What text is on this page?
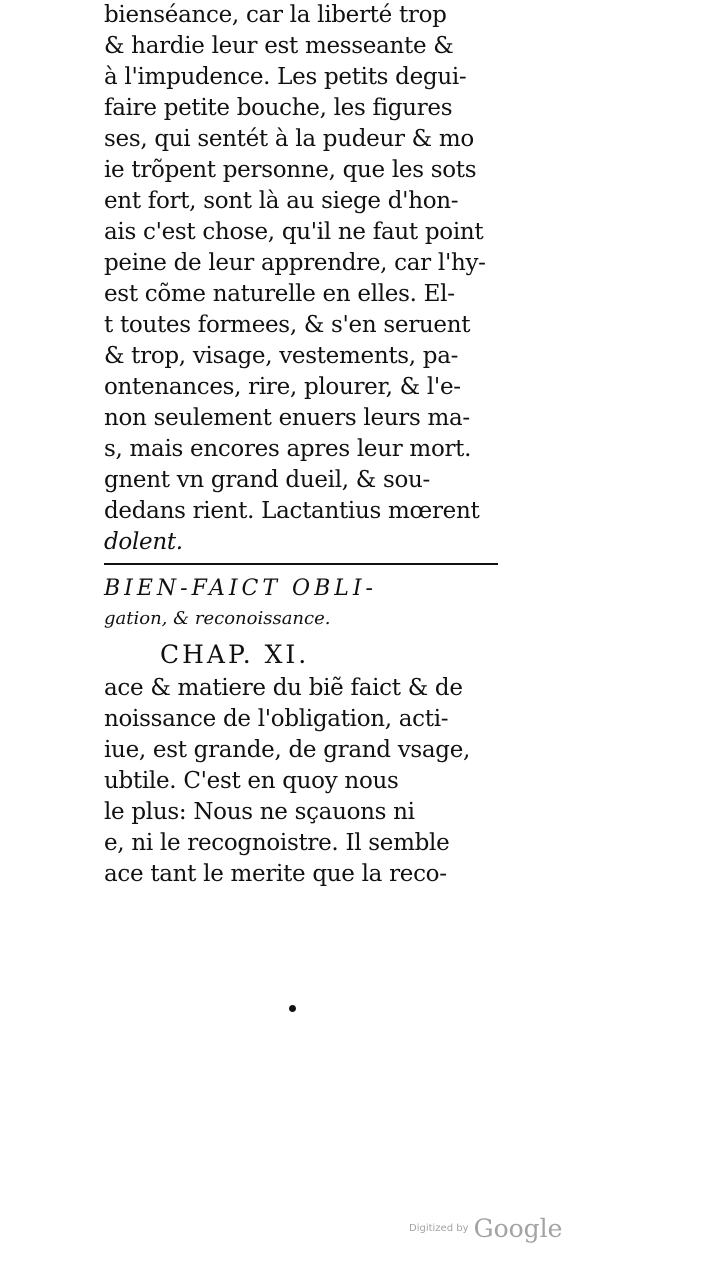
bienséance, car la liberté trop
& hardie leur est messeante &
à l'impudence. Les petits degui-
faire petite bouche, les figures
ses, qui sentét à la pudeur & mo
ie trõpent personne, que les sots
ent fort, sont là au siege d'hon-
ais c'est chose, qu'il ne faut point
peine de leur apprendre, car l'hy-
est cõme naturelle en elles. El-
t toutes formees, & s'en seruent
& trop, visage, vestements, pa-
ontenances, rire, plourer, & l'e-
non seulement enuers leurs ma-
s, mais encores apres leur mort.
gnent vn grand dueil, & sou-
dedans rient. Lactantius mœrent
dolent.
BIEN-FAICT OBLI-
gation, & reconoissance.
CHAP. XI.
ace & matiere du biẽ faict & de
noissance de l'obligation, acti-
iue, est grande, de grand vsage,
ubtile. C'est en quoy nous
le plus: Nous ne sçauons ni
e, ni le recognoistre. Il semble
ace tant le merite que la reco-
Digitized by Google
